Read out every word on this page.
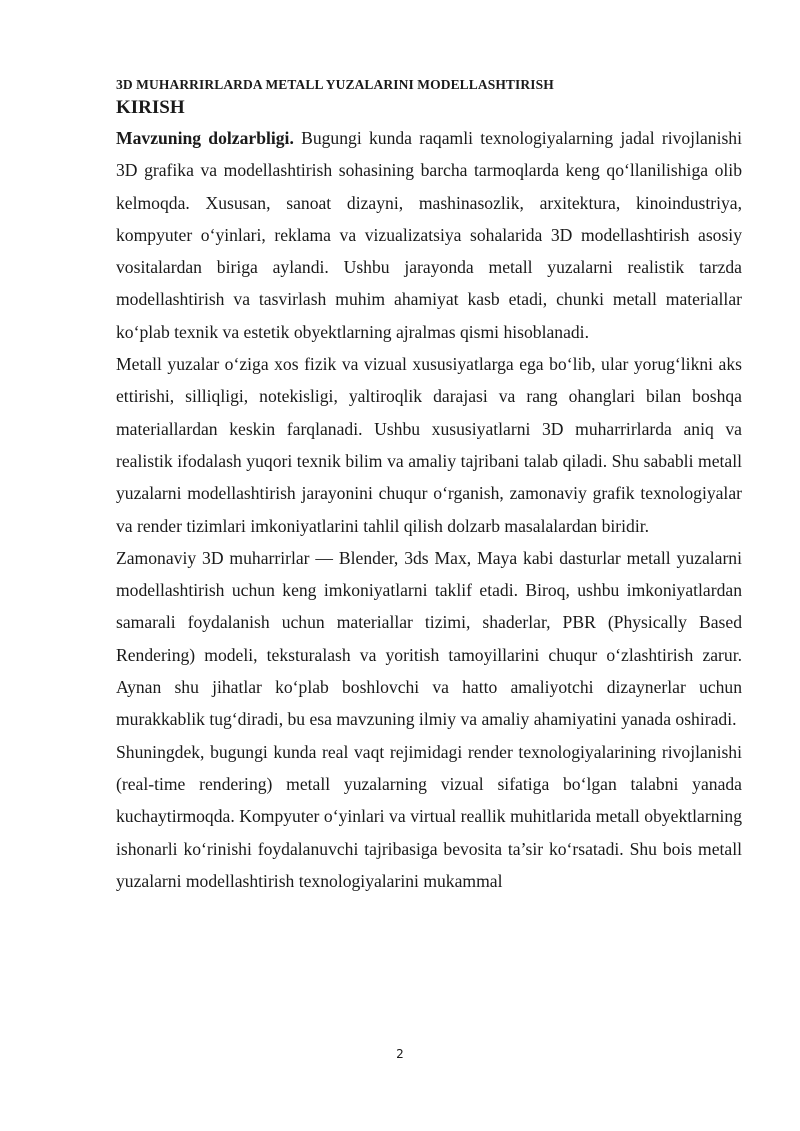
3D MUHARRIRLARDA METALL YUZALARINI MODELLASHTIRISH

KIRISH

Mavzuning dolzarbligi. Bugungi kunda raqamli texnologiyalarning jadal rivojlanishi 3D grafika va modellashtirish sohasining barcha tarmoqlarda keng qo‘llanilishiga olib kelmoqda. Xususan, sanoat dizayni, mashinasozlik, arxitektura, kinoindustriya, kompyuter o‘yinlari, reklama va vizualizatsiya sohalarida 3D modellashtirish asosiy vositalardan biriga aylandi. Ushbu jarayonda metall yuzalarni realistik tarzda modellashtirish va tasvirlash muhim ahamiyat kasb etadi, chunki metall materiallar ko‘plab texnik va estetik obyektlarning ajralmas qismi hisoblanadi.

Metall yuzalar o‘ziga xos fizik va vizual xususiyatlarga ega bo‘lib, ular yorug‘likni aks ettirishi, silliqligi, notekisligi, yaltiroqlik darajasi va rang ohanglari bilan boshqa materiallardan keskin farqlanadi. Ushbu xususiyatlarni 3D muharrirlarda aniq va realistik ifodalash yuqori texnik bilim va amaliy tajribani talab qiladi. Shu sababli metall yuzalarni modellashtirish jarayonini chuqur o‘rganish, zamonaviy grafik texnologiyalar va render tizimlari imkoniyatlarini tahlil qilish dolzarb masalalardan biridir.

Zamonaviy 3D muharrirlar — Blender, 3ds Max, Maya kabi dasturlar metall yuzalarni modellashtirish uchun keng imkoniyatlarni taklif etadi. Biroq, ushbu imkoniyatlardan samarali foydalanish uchun materiallar tizimi, shaderlar, PBR (Physically Based Rendering) modeli, teksturalash va yoritish tamoyillarini chuqur o‘zlashtirish zarur. Aynan shu jihatlar ko‘plab boshlovchi va hatto amaliyotchi dizaynerlar uchun murakkablik tug‘diradi, bu esa mavzuning ilmiy va amaliy ahamiyatini yanada oshiradi.

Shuningdek, bugungi kunda real vaqt rejimidagi render texnologiyalarining rivojlanishi (real-time rendering) metall yuzalarning vizual sifatiga bo‘lgan talabni yanada kuchaytirmoqda. Kompyuter o‘yinlari va virtual reallik muhitlarida metall obyektlarning ishonarli ko‘rinishi foydalanuvchi tajribasiga bevosita ta’sir ko‘rsatadi. Shu bois metall yuzalarni modellashtirish texnologiyalarini mukammal

2
